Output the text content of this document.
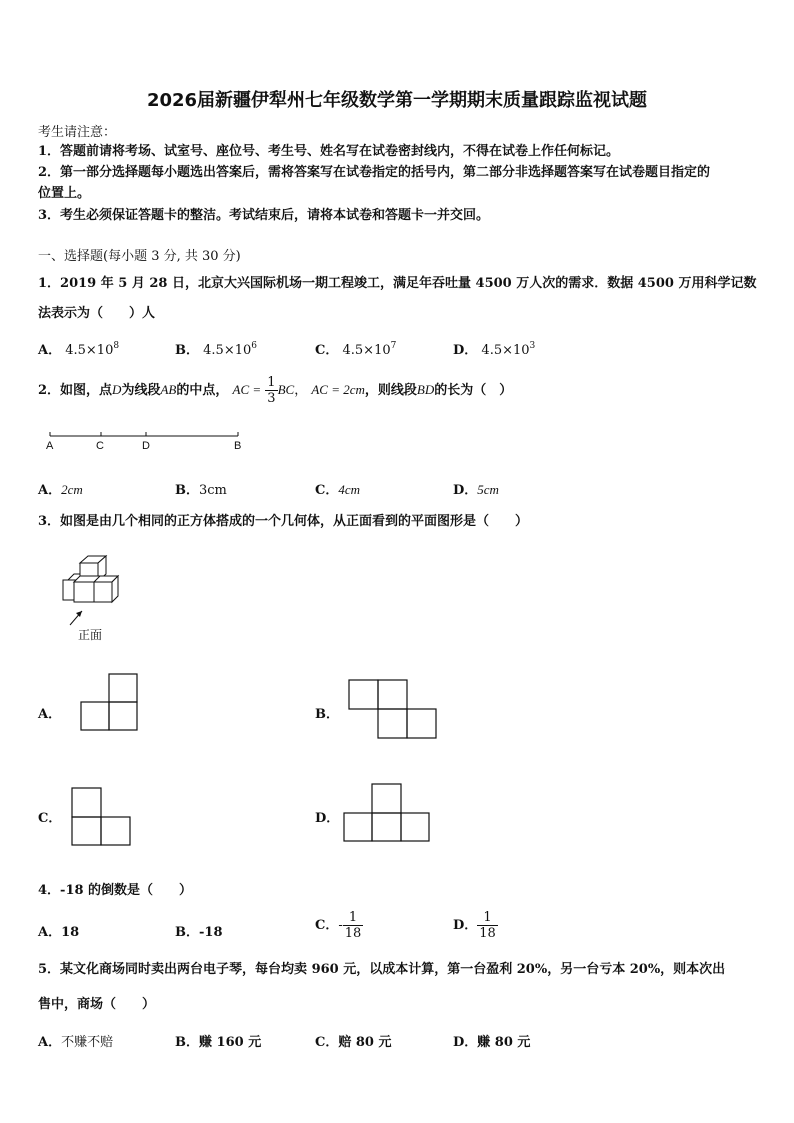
2026届新疆伊犁州七年级数学第一学期期末质量跟踪监视试题
考生请注意：
1．答题前请将考场、试室号、座位号、考生号、姓名写在试卷密封线内，不得在试卷上作任何标记。
2．第一部分选择题每小题选出答案后，需将答案写在试卷指定的括号内，第二部分非选择题答案写在试卷题目指定的
位置上。
3．考生必须保证答题卡的整洁。考试结束后，请将本试卷和答题卡一并交回。
一、选择题(每小题 3 分, 共 30 分)
1．2019 年 5 月 28 日，北京大兴国际机场一期工程竣工，满足年吞吐量 4500 万人次的需求．数据 4500 万用科学记数
法表示为（　　）人
A． $4.5\times 10^8$	B． $4.5\times 10^6$	C． $4.5\times 10^7$	D． $4.5\times 10^3$
2．如图，点D为线段AB的中点， AC = $\frac{1}{3}$ BC， AC = 2cm，则线段BD的长为（　）
A	C	D	B
A．2cm	B．3cm	C．4cm	D．5cm
3．如图是由几个相同的正方体搭成的一个几何体，从正面看到的平面图形是（　　）
正面
A．	B．
C．	D．
4．-18 的倒数是（　　）
A．18	B．-18	C．- $\frac{1}{18}$	D． $\frac{1}{18}$
5．某文化商场同时卖出两台电子琴，每台均卖 960 元，以成本计算，第一台盈利 20%，另一台亏本 20%，则本次出
售中，商场（　　）
A．不赚不赔	B．赚 160 元	C．赔 80 元	D．赚 80 元
